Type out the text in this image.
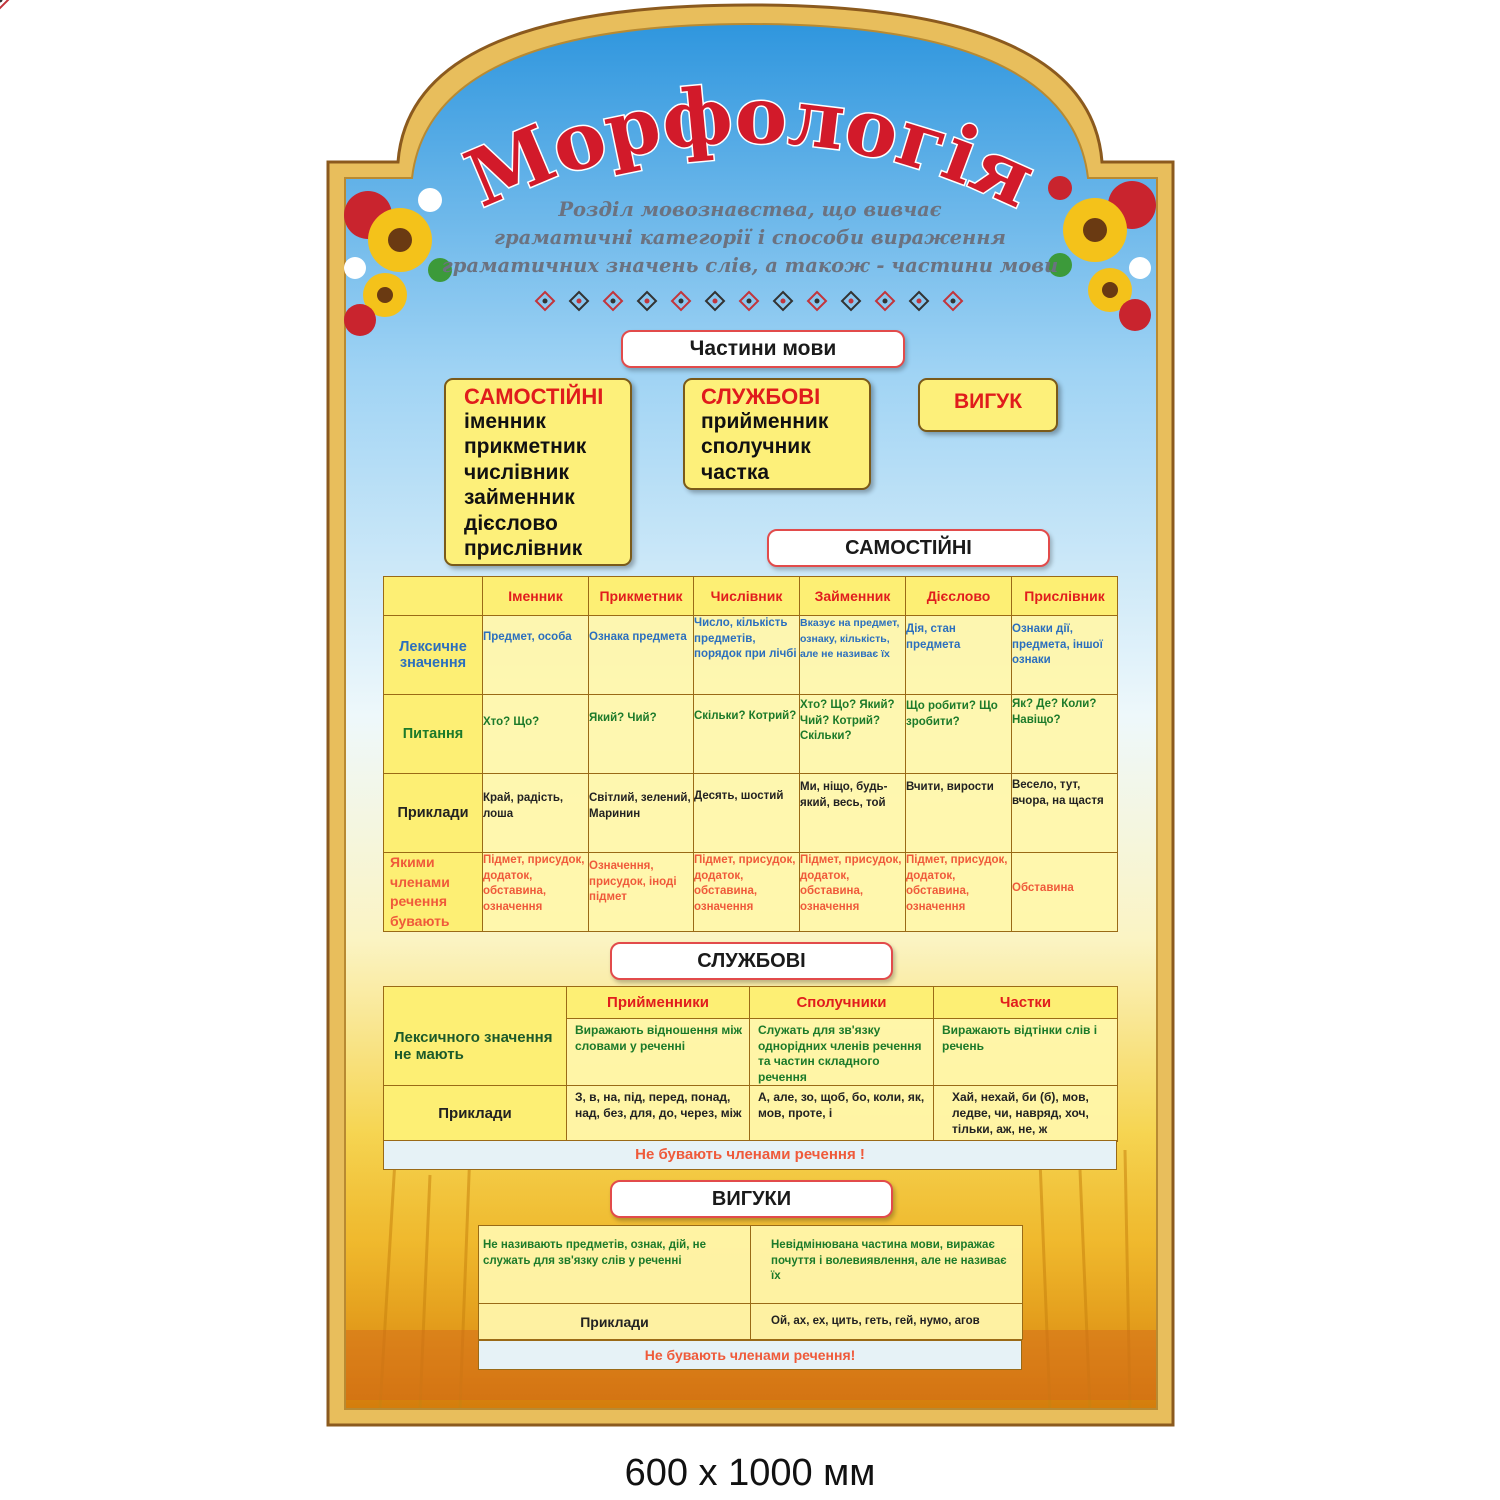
Морфологія
Розділ мовознавства, що вивчає
граматичні категорії і способи вираження
граматичних значень слів, а також - частини мови
Частини мови
САМОСТІЙНІ
іменник
прикметник
числівник
займенник
дієслово
прислівник
СЛУЖБОВІ
прийменник
сполучник
частка
ВИГУК
САМОСТІЙНІ
	Іменник	Прикметник	Числівник	Займенник	Дієслово	Прислівник
Лексичне значення	Предмет, особа	Ознака предмета	Число, кількість предметів, порядок при лічбі	Вказує на предмет, ознаку, кількість, але не називає їх	Дія, стан предмета	Ознаки дії, предмета, іншої ознаки
Питання	Хто? Що?	Який? Чий?	Скільки? Котрий?	Хто? Що? Який? Чий? Котрий? Скільки?	Що робити? Що зробити?	Як? Де? Коли? Навіщо?
Приклади	Край, радість, лоша	Світлий, зелений, Маринин	Десять, шостий	Ми, ніщо, будь-який, весь, той	Вчити, вирости	Весело, тут, вчора, на щастя
Якими членами речення бувають	Підмет, присудок, додаток, обставина, означення	Означення, присудок, іноді підмет	Підмет, присудок, додаток, обставина, означення	Підмет, присудок, додаток, обставина, означення	Підмет, присудок, додаток, обставина, означення	Обставина
СЛУЖБОВІ
Лексичного значення не мають	Прийменники	Сполучники	Частки
	Виражають відношення між словами у реченні	Служать для зв'язку однорідних членів речення та частин складного речення	Виражають відтінки слів і речень
Приклади	З, в, на, під, перед, понад, над, без, для, до, через, між	А, але, зо, щоб, бо, коли, як, мов, проте, і	Хай, нехай, би (б), мов, ледве, чи, навряд, хоч, тільки, аж, не, ж
Не бувають членами речення !
ВИГУКИ
Не називають предметів, ознак, дій, не служать для зв'язку слів у реченні	Невідмінювана частина мови, виражає почуття і волевиявлення, але не називає їх
Приклади	Ой, ах, ех, цить, геть, гей, нумо, агов
Не бувають членами речення!
600 x 1000 мм
